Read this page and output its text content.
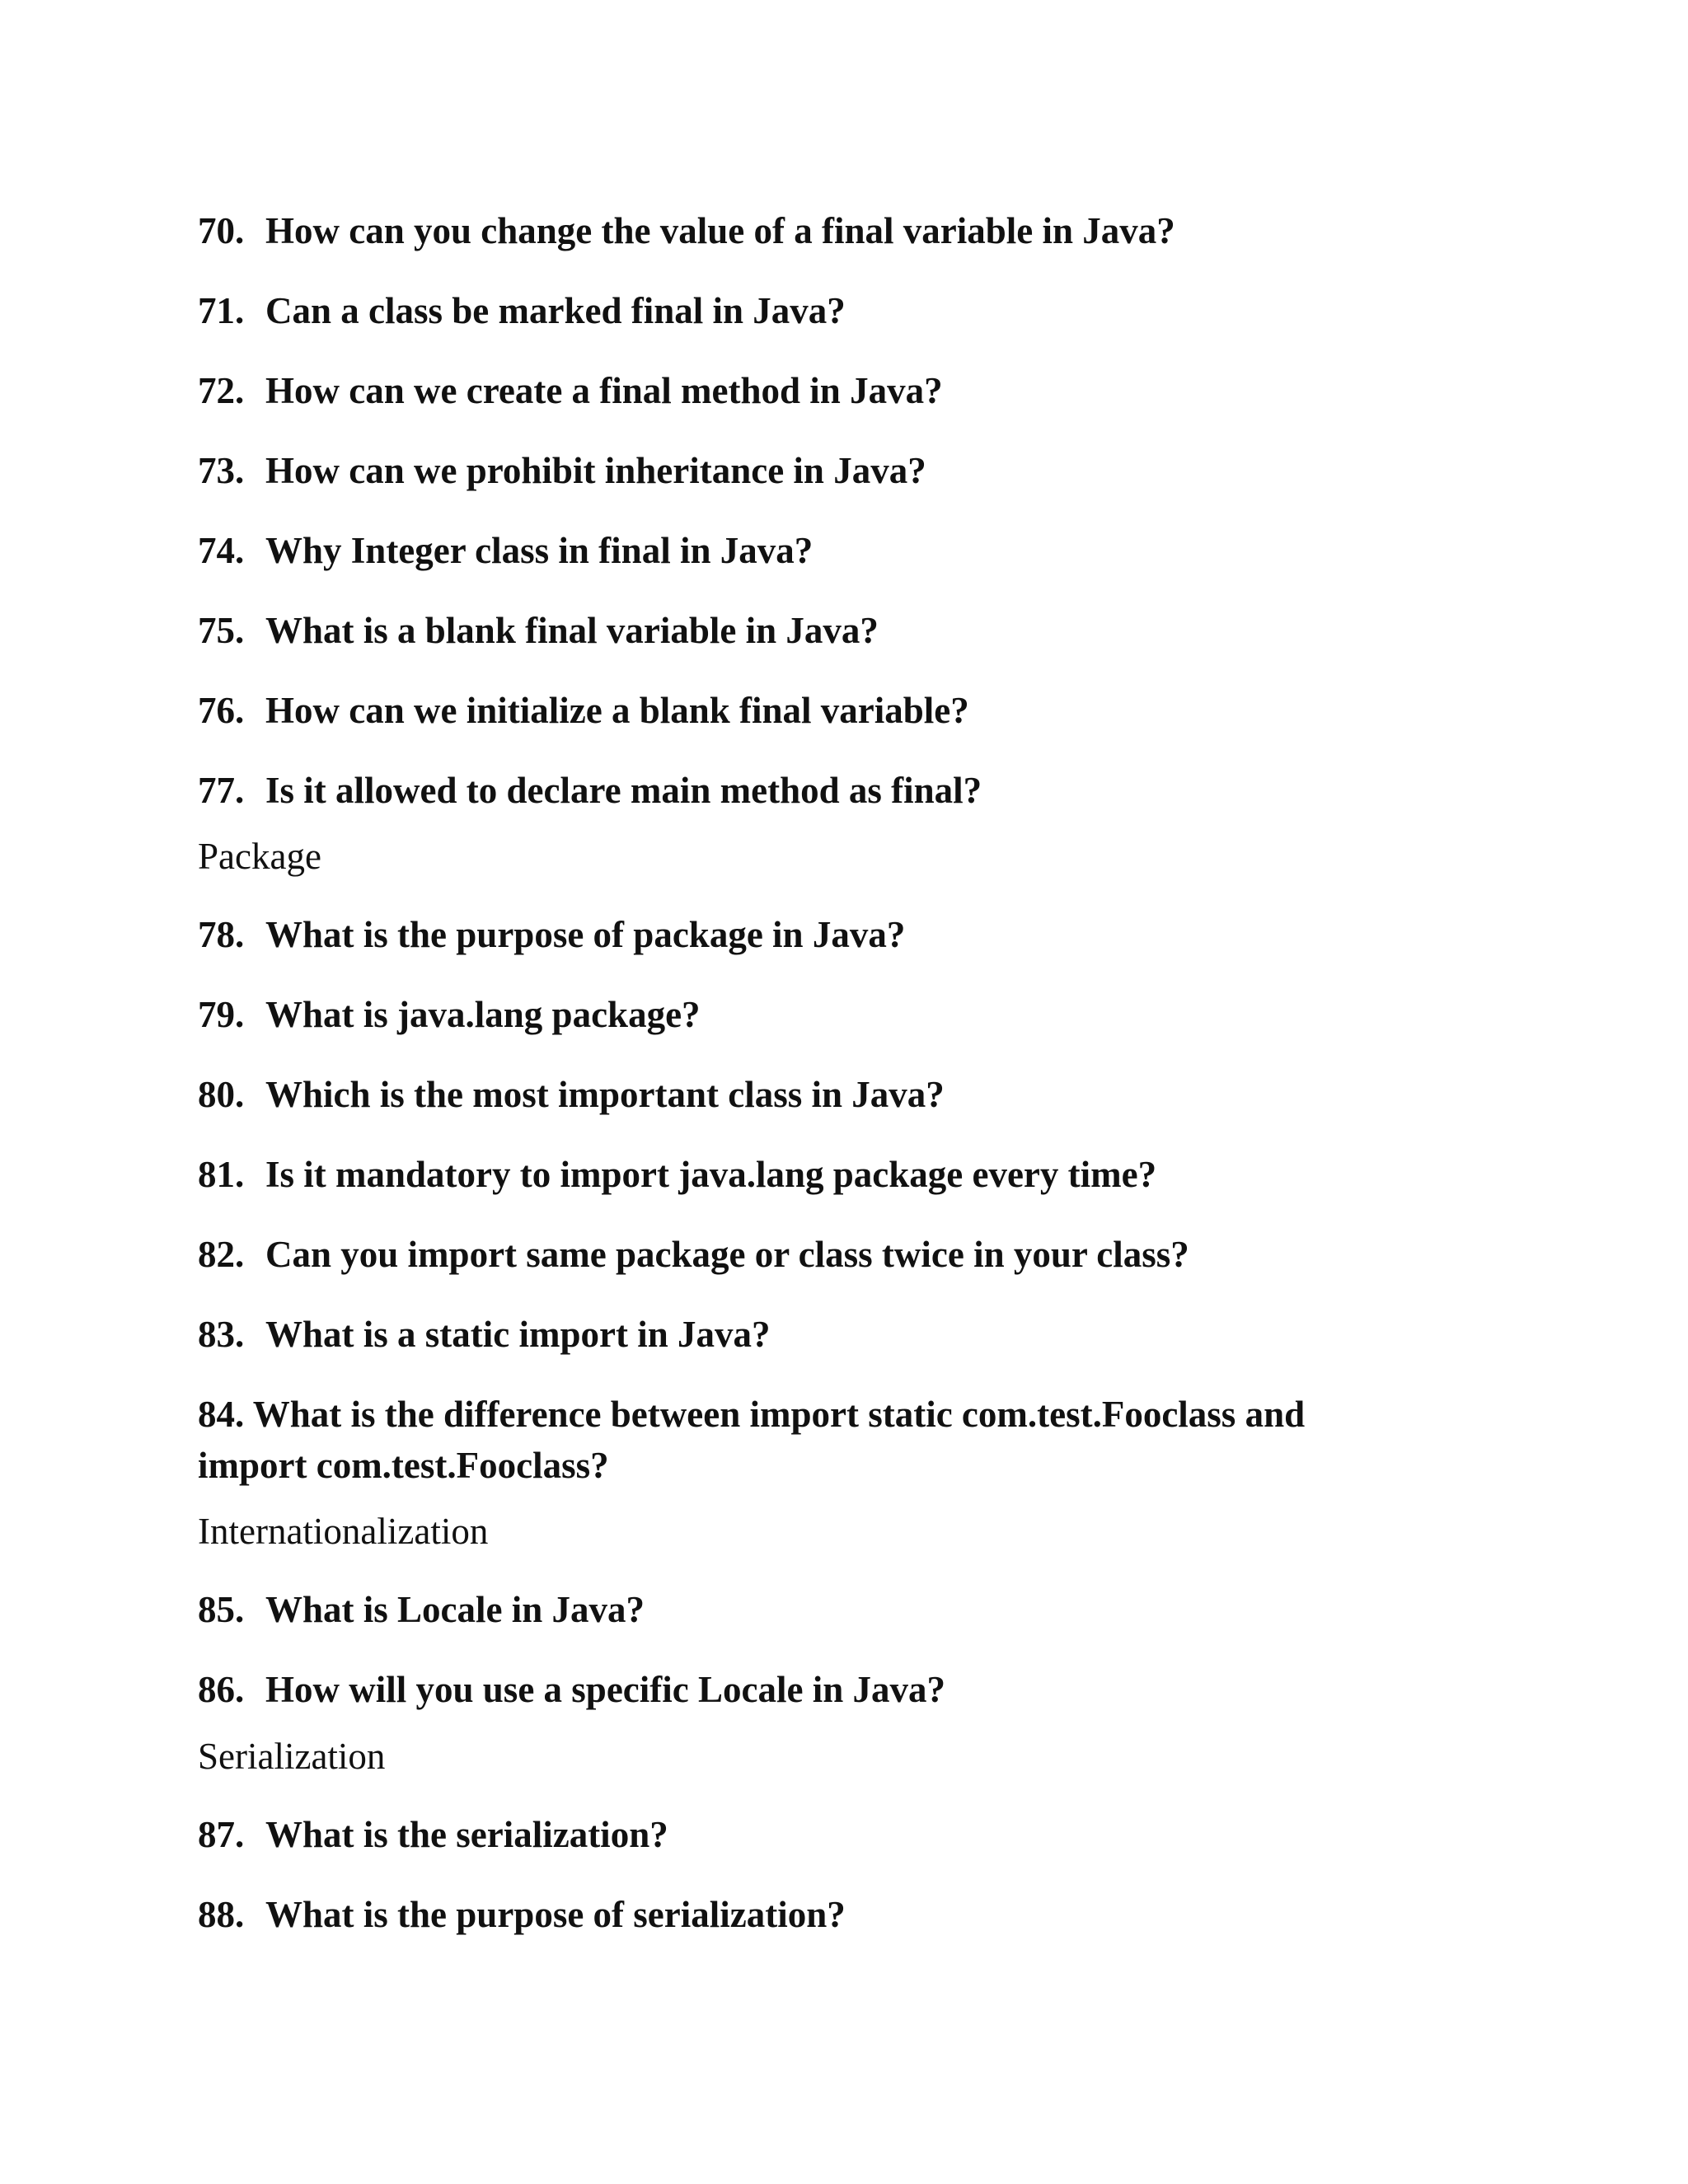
70. How can you change the value of a final variable in Java?
71. Can a class be marked final in Java?
72. How can we create a final method in Java?
73. How can we prohibit inheritance in Java?
74. Why Integer class in final in Java?
75. What is a blank final variable in Java?
76. How can we initialize a blank final variable?
77. Is it allowed to declare main method as final?
Package
78. What is the purpose of package in Java?
79. What is java.lang package?
80. Which is the most important class in Java?
81. Is it mandatory to import java.lang package every time?
82. Can you import same package or class twice in your class?
83. What is a static import in Java?
84. What is the difference between import static com.test.Fooclass and
import com.test.Fooclass?
Internationalization
85. What is Locale in Java?
86. How will you use a specific Locale in Java?
Serialization
87. What is the serialization?
88. What is the purpose of serialization?
